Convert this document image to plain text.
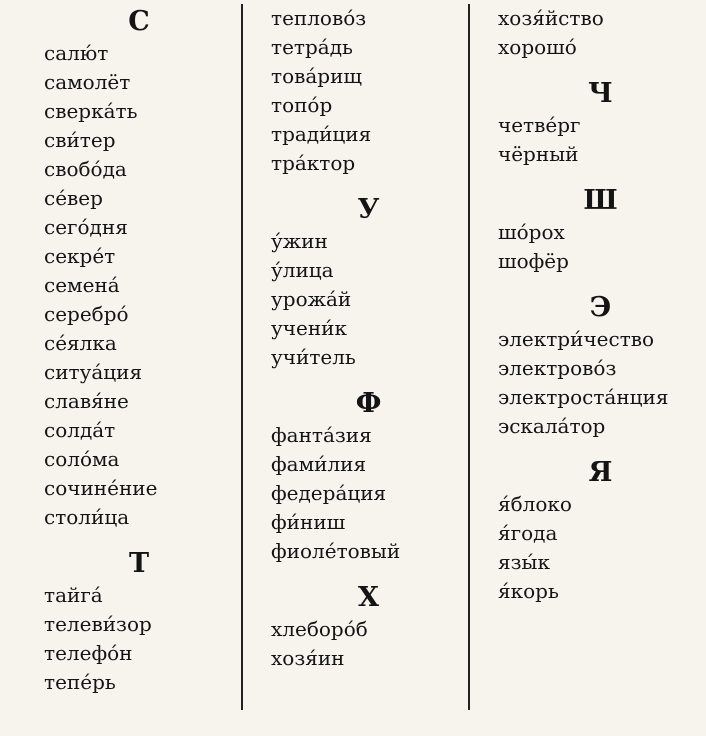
С
салю́т
самолёт
сверка́ть
сви́тер
свобо́да
се́вер
сего́дня
секре́т
семена́
серебро́
се́ялка
ситуа́ция
славя́не
солда́т
соло́ма
сочине́ние
столи́ца
Т
тайга́
телеви́зор
телефо́н
тепе́рь
теплово́з
тетра́дь
това́рищ
топо́р
тради́ция
тра́ктор
У
у́жин
у́лица
урожа́й
учени́к
учи́тель
Ф
фанта́зия
фами́лия
федера́ция
фи́ниш
фиоле́товый
Х
хлеборо́б
хозя́ин
хозя́йство
хорошо́
Ч
четве́рг
чёрный
Ш
шо́рох
шофёр
Э
электри́чество
электрово́з
электроста́нция
эскала́тор
Я
я́блоко
я́года
язы́к
я́корь
